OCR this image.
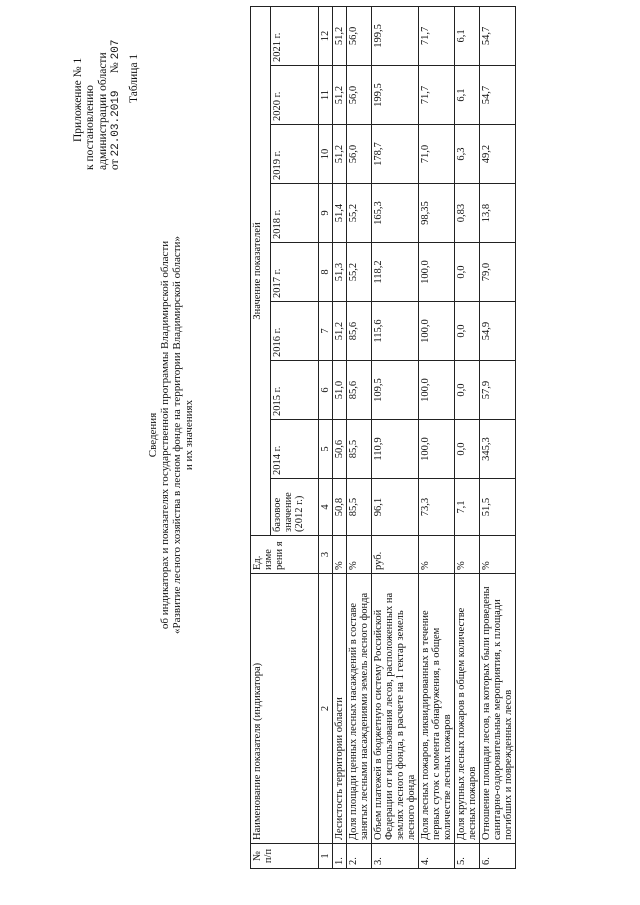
Приложение № 1 к постановлению администрации области от 22.03.2019      № 207
Таблица 1
Сведения об индикаторах и показателях государственной программы Владимирской области «Развитие лесного хозяйства в лесном фонде на территории Владимирской области» и их значениях
№ п/п	Наименование показателя (индикатора)	Ед. изме рени я	Значение показателей								
			базовое значение (2012 г.)	2014 г.	2015 г.	2016 г.	2017 г.	2018 г.	2019 г.	2020 г.	2021 г.
1	2	3	4	5	6	7	8	9	10	11	12
1.	Лесистость территории области	%	50,8	50,6	51,0	51,2	51,3	51,4	51,2	51,2	51,2
2.	Доля площади ценных лесных насаждений в составе занятых лесными насаждениями земель лесного фонда	%	85,5	85,5	85,6	85,6	55,2	55,2	56,0	56,0	56,0
3.	Объем платежей в бюджетную систему Российской Федерации от использования лесов, расположенных на землях лесного фонда, в расчете на 1 гектар земель лесного фонда	руб.	96,1	110,9	109,5	115,6	118,2	165,3	178,7	199,5	199,5
4.	Доля лесных пожаров, ликвидированных в течение первых суток с момента обнаружения, в общем количестве лесных пожаров	%	73,3	100,0	100,0	100,0	100,0	98,35	71,0	71,7	71,7
5.	Доля крупных лесных пожаров в общем количестве лесных пожаров	%	7,1	0,0	0,0	0,0	0,0	0,83	6,3	6,1	6,1
6.	Отношение площади лесов, на которых были проведены санитарно-оздоровительные мероприятия, к площади погибших и поврежденных лесов	%	51,5	345,3	57,9	54,9	79,0	13,8	49,2	54,7	54,7
